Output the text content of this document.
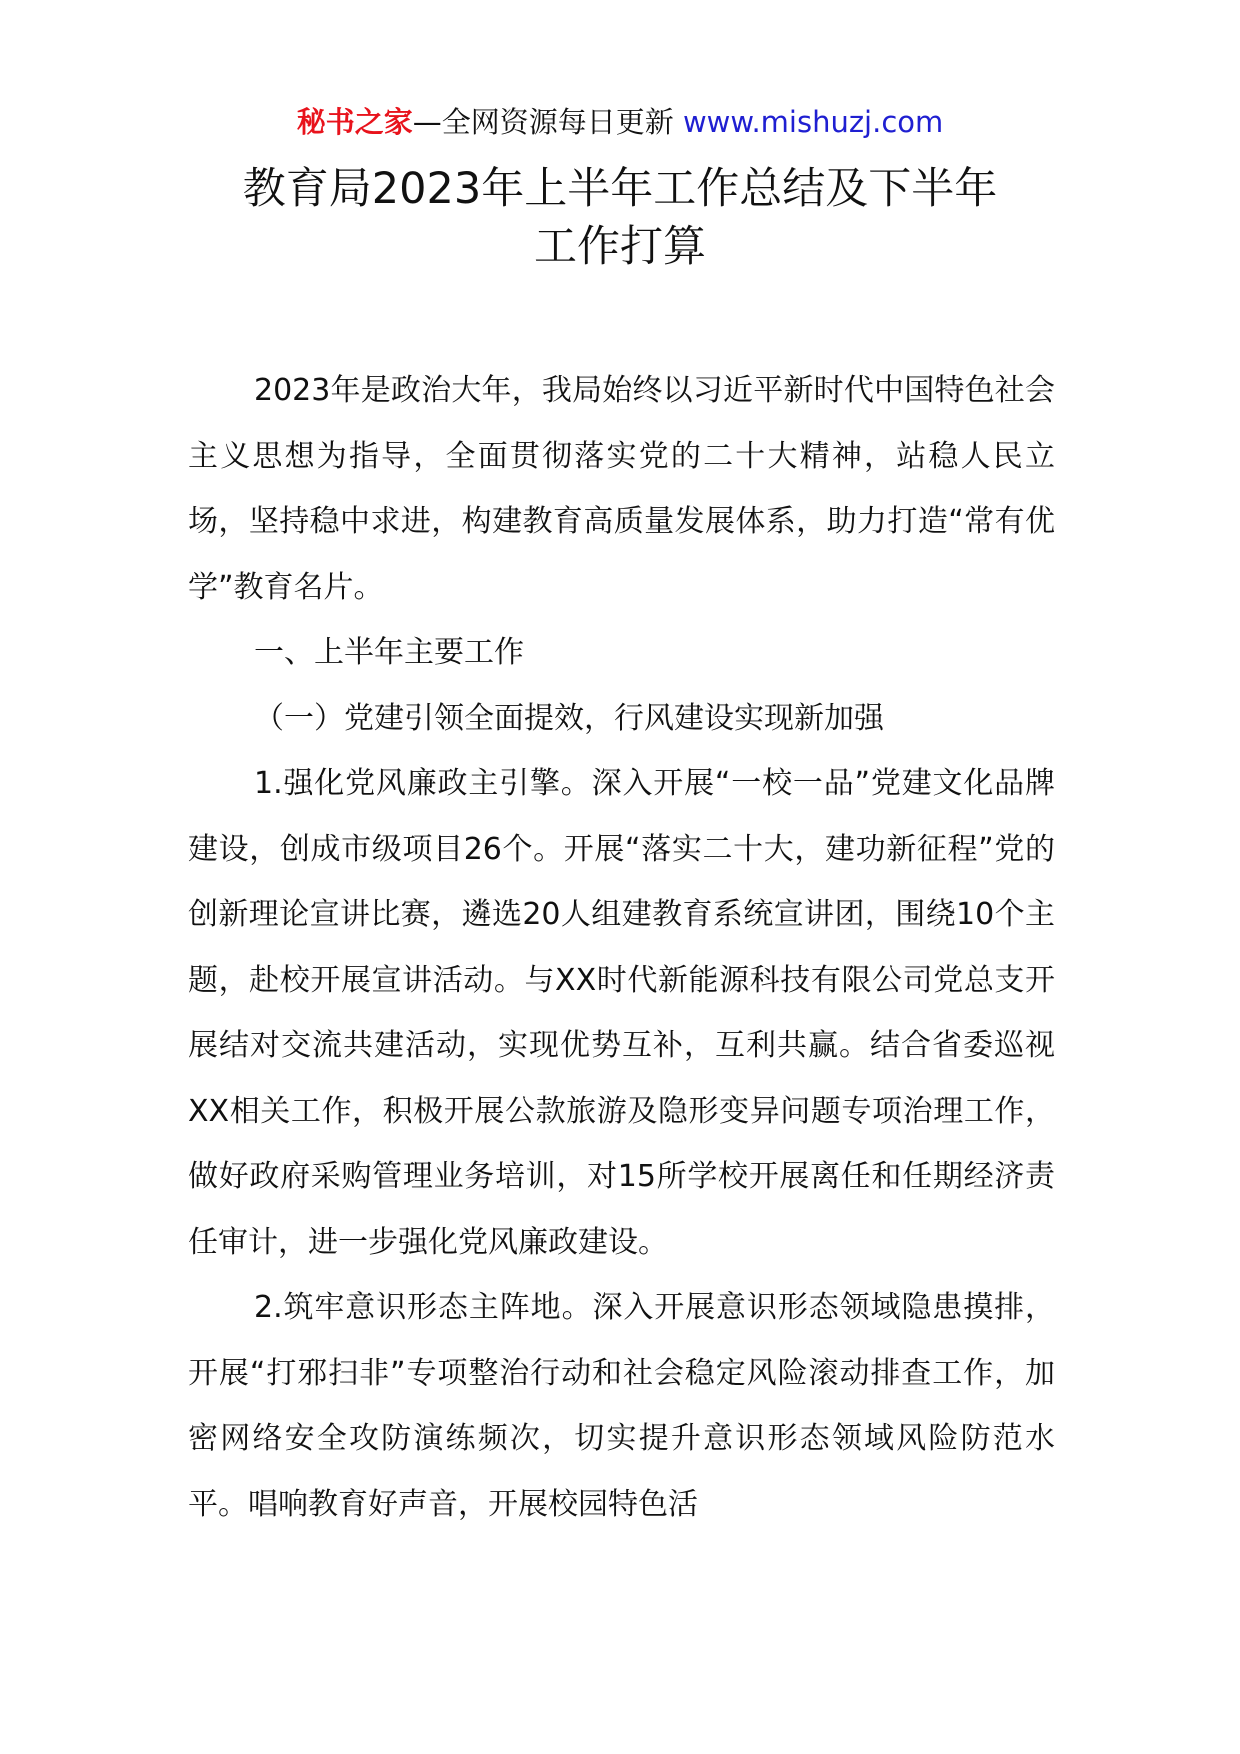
秘书之家—全网资源每日更新 www.mishuzj.com
教育局2023年上半年工作总结及下半年
工作打算

2023年是政治大年，我局始终以习近平新时代中国特色社会主义思想为指导，全面贯彻落实党的二十大精神，站稳人民立场，坚持稳中求进，构建教育高质量发展体系，助力打造“常有优学”教育名片。

一、上半年主要工作

（一）党建引领全面提效，行风建设实现新加强

1.强化党风廉政主引擎。深入开展“一校一品”党建文化品牌建设，创成市级项目26个。开展“落实二十大，建功新征程”党的创新理论宣讲比赛，遴选20人组建教育系统宣讲团，围绕10个主题，赴校开展宣讲活动。与XX时代新能源科技有限公司党总支开展结对交流共建活动，实现优势互补，互利共赢。结合省委巡视XX相关工作，积极开展公款旅游及隐形变异问题专项治理工作，做好政府采购管理业务培训，对15所学校开展离任和任期经济责任审计，进一步强化党风廉政建设。

2.筑牢意识形态主阵地。深入开展意识形态领域隐患摸排，开展“打邪扫非”专项整治行动和社会稳定风险滚动排查工作，加密网络安全攻防演练频次，切实提升意识形态领域风险防范水平。唱响教育好声音，开展校园特色活
